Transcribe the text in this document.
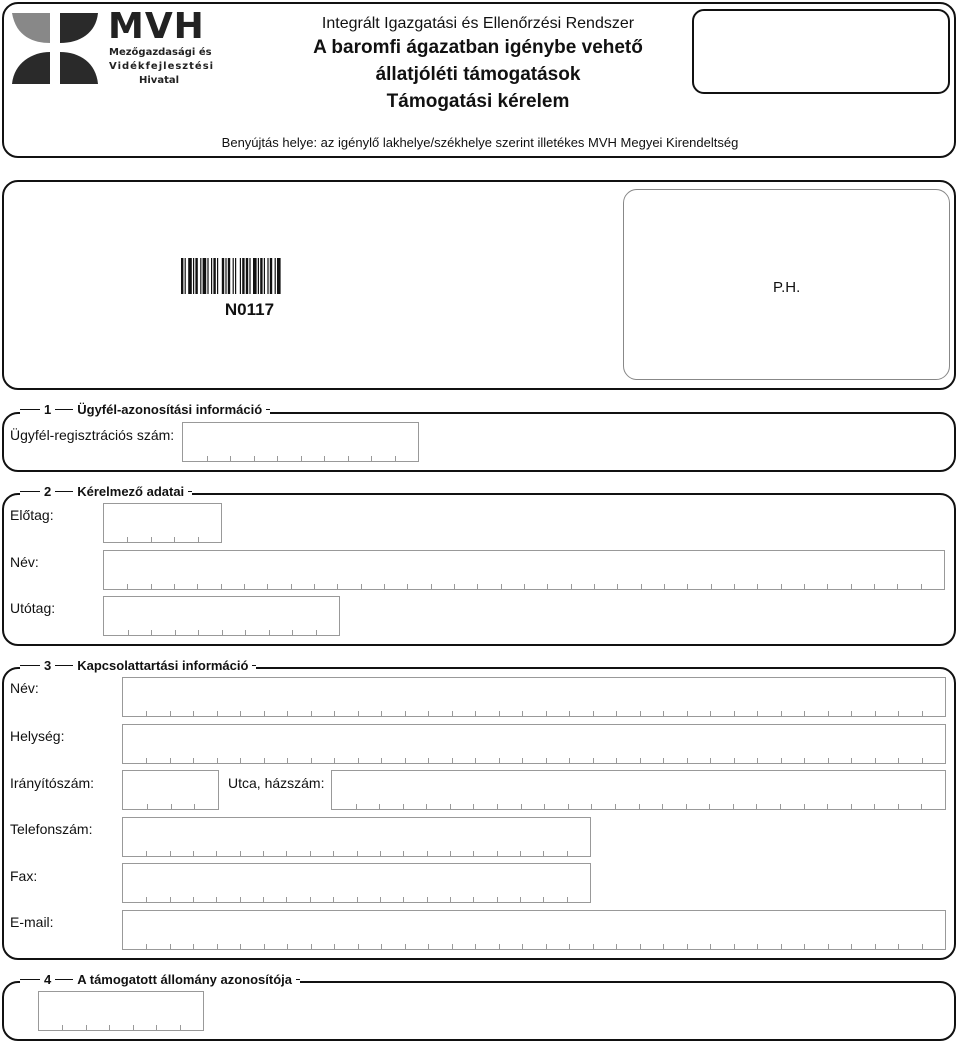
MVH
Mezőgazdasági és
Vidékfejlesztési
Hivatal
Integrált Igazgatási és Ellenőrzési Rendszer
A baromfi ágazatban igénybe vehető
állatjóléti támogatások
Támogatási kérelem
Benyújtás helye: az igénylő lakhelye/székhelye szerint illetékes MVH Megyei Kirendeltség
N0117
P.H.
1	Ügyfél-azonosítási információ
Ügyfél-regisztrációs szám:
2	Kérelmező adatai
Előtag:
Név:
Utótag:
3	Kapcsolattartási információ
Név:
Helység:
Irányítószám:	Utca, házszám:
Telefonszám:
Fax:
E-mail:
4	A támogatott állomány azonosítója
